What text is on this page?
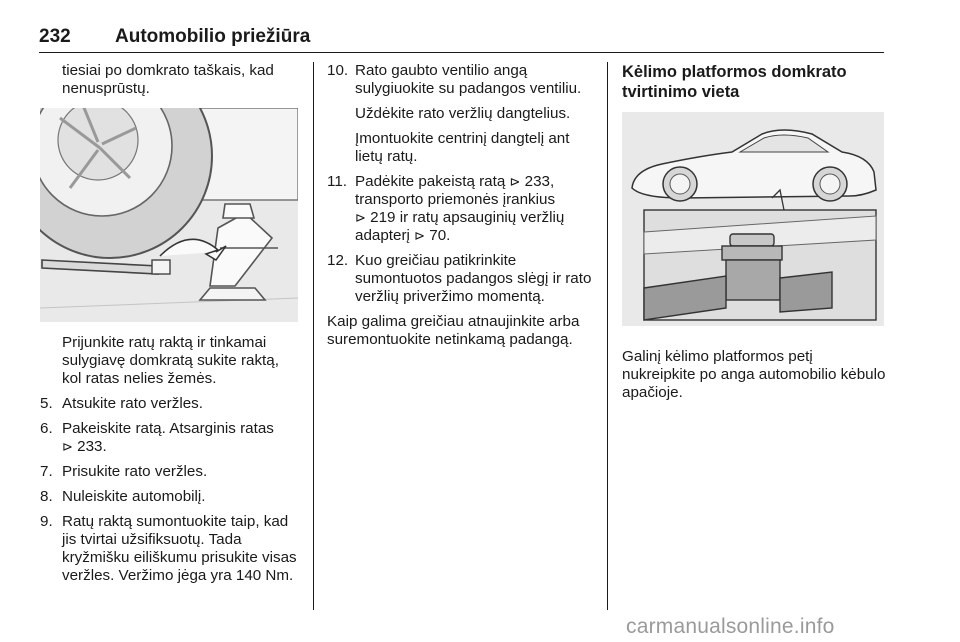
232 Automobilio priežiūra

tiesiai po domkrato taškais, kad nenusprūstų.

Prijunkite ratų raktą ir tinkamai sulygiavę domkratą sukite raktą, kol ratas nelies žemės.

5. Atsukite rato veržles.
6. Pakeiskite ratą. Atsarginis ratas
⊳ 233.
7. Prisukite rato veržles.
8. Nuleiskite automobilį.
9. Ratų raktą sumontuokite taip, kad jis tvirtai užsifiksuotų. Tada kryžmišku eiliškumu prisukite visas veržles. Veržimo jėga yra 140 Nm.
10. Rato gaubto ventilio angą sulygiuokite su padangos ventiliu.

Uždėkite rato veržlių dangtelius.

Įmontuokite centrinį dangtelį ant lietų ratų.

11. Padėkite pakeistą ratą ⊳ 233, transporto priemonės įrankius
⊳ 219 ir ratų apsauginių veržlių adapterį ⊳ 70.
12. Kuo greičiau patikrinkite sumontuotos padangos slėgį ir rato veržlių priveržimo momentą.

Kaip galima greičiau atnaujinkite arba suremontuokite netinkamą padangą.

Kėlimo platformos domkrato tvirtinimo vieta

Galinį kėlimo platformos petį nukreipkite po anga automobilio kėbulo apačioje.

carmanualsonline.info
